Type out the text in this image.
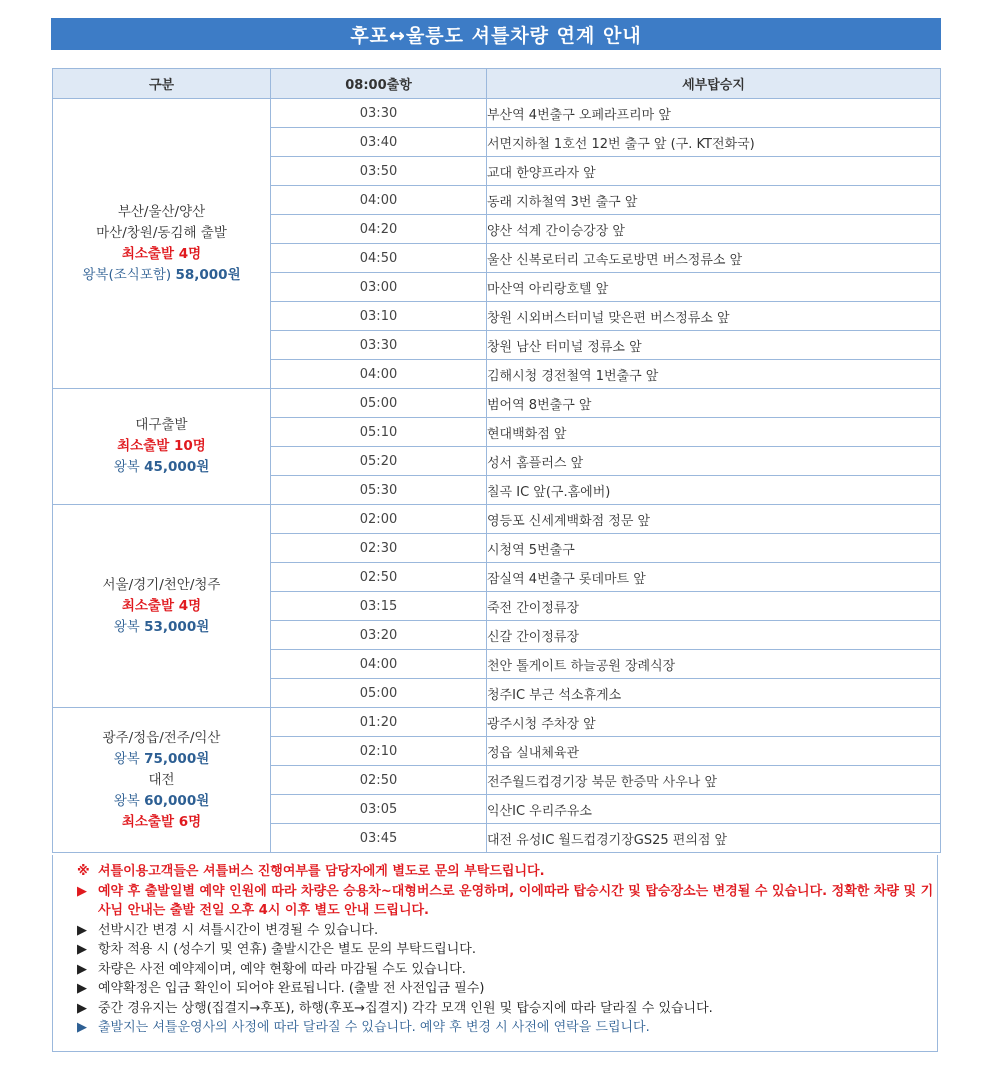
후포↔울릉도 셔틀차량 연계 안내
구분	08:00출항	세부탑승지

부산/울산/양산
마산/창원/동김해 출발
최소출발 4명
왕복(조식포함) 58,000원	03:30	부산역 4번출구 오페라프리마 앞
	03:40	서면지하철 1호선 12번 출구 앞 (구. KT전화국)
	03:50	교대 한양프라자 앞
	04:00	동래 지하철역 3번 출구 앞
	04:20	양산 석계 간이승강장 앞
	04:50	울산 신복로터리 고속도로방면 버스정류소 앞
	03:00	마산역 아리랑호텔 앞
	03:10	창원 시외버스터미널 맞은편 버스정류소 앞
	03:30	창원 남산 터미널 정류소 앞
	04:00	김해시청 경전철역 1번출구 앞

대구출발
최소출발 10명
왕복 45,000원	05:00	범어역 8번출구 앞
	05:10	현대백화점 앞
	05:20	성서 홈플러스 앞
	05:30	칠곡 IC 앞(구.홈에버)

서울/경기/천안/청주
최소출발 4명
왕복 53,000원	02:00	영등포 신세계백화점 정문 앞
	02:30	시청역 5번출구
	02:50	잠실역 4번출구 롯데마트 앞
	03:15	죽전 간이정류장
	03:20	신갈 간이정류장
	04:00	천안 톨게이트 하늘공원 장례식장
	05:00	청주IC 부근 석소휴게소

광주/정읍/전주/익산
왕복 75,000원
대전
왕복 60,000원
최소출발 6명	01:20	광주시청 주차장 앞
	02:10	정읍 실내체육관
	02:50	전주월드컵경기장 북문 한증막 사우나 앞
	03:05	익산IC 우리주유소
	03:45	대전 유성IC 월드컵경기장GS25 편의점 앞
※ 셔틀이용고객들은 셔틀버스 진행여부를 담당자에게 별도로 문의 부탁드립니다.
▶ 예약 후 출발일별 예약 인원에 따라 차량은 승용차~대형버스로 운영하며, 이에따라 탑승시간 및 탑승장소는 변경될 수 있습니다. 정확한 차량 및 기사님 안내는 출발 전일 오후 4시 이후 별도 안내 드립니다.
▶ 선박시간 변경 시 셔틀시간이 변경될 수 있습니다.
▶ 항차 적용 시 (성수기 및 연휴) 출발시간은 별도 문의 부탁드립니다.
▶ 차량은 사전 예약제이며, 예약 현황에 따라 마감될 수도 있습니다.
▶ 예약확정은 입금 확인이 되어야 완료됩니다. (출발 전 사전입금 필수)
▶ 중간 경유지는 상행(집결지→후포), 하행(후포→집결지) 각각 모객 인원 및 탑승지에 따라 달라질 수 있습니다.
▶ 출발지는 셔틀운영사의 사정에 따라 달라질 수 있습니다. 예약 후 변경 시 사전에 연락을 드립니다.
